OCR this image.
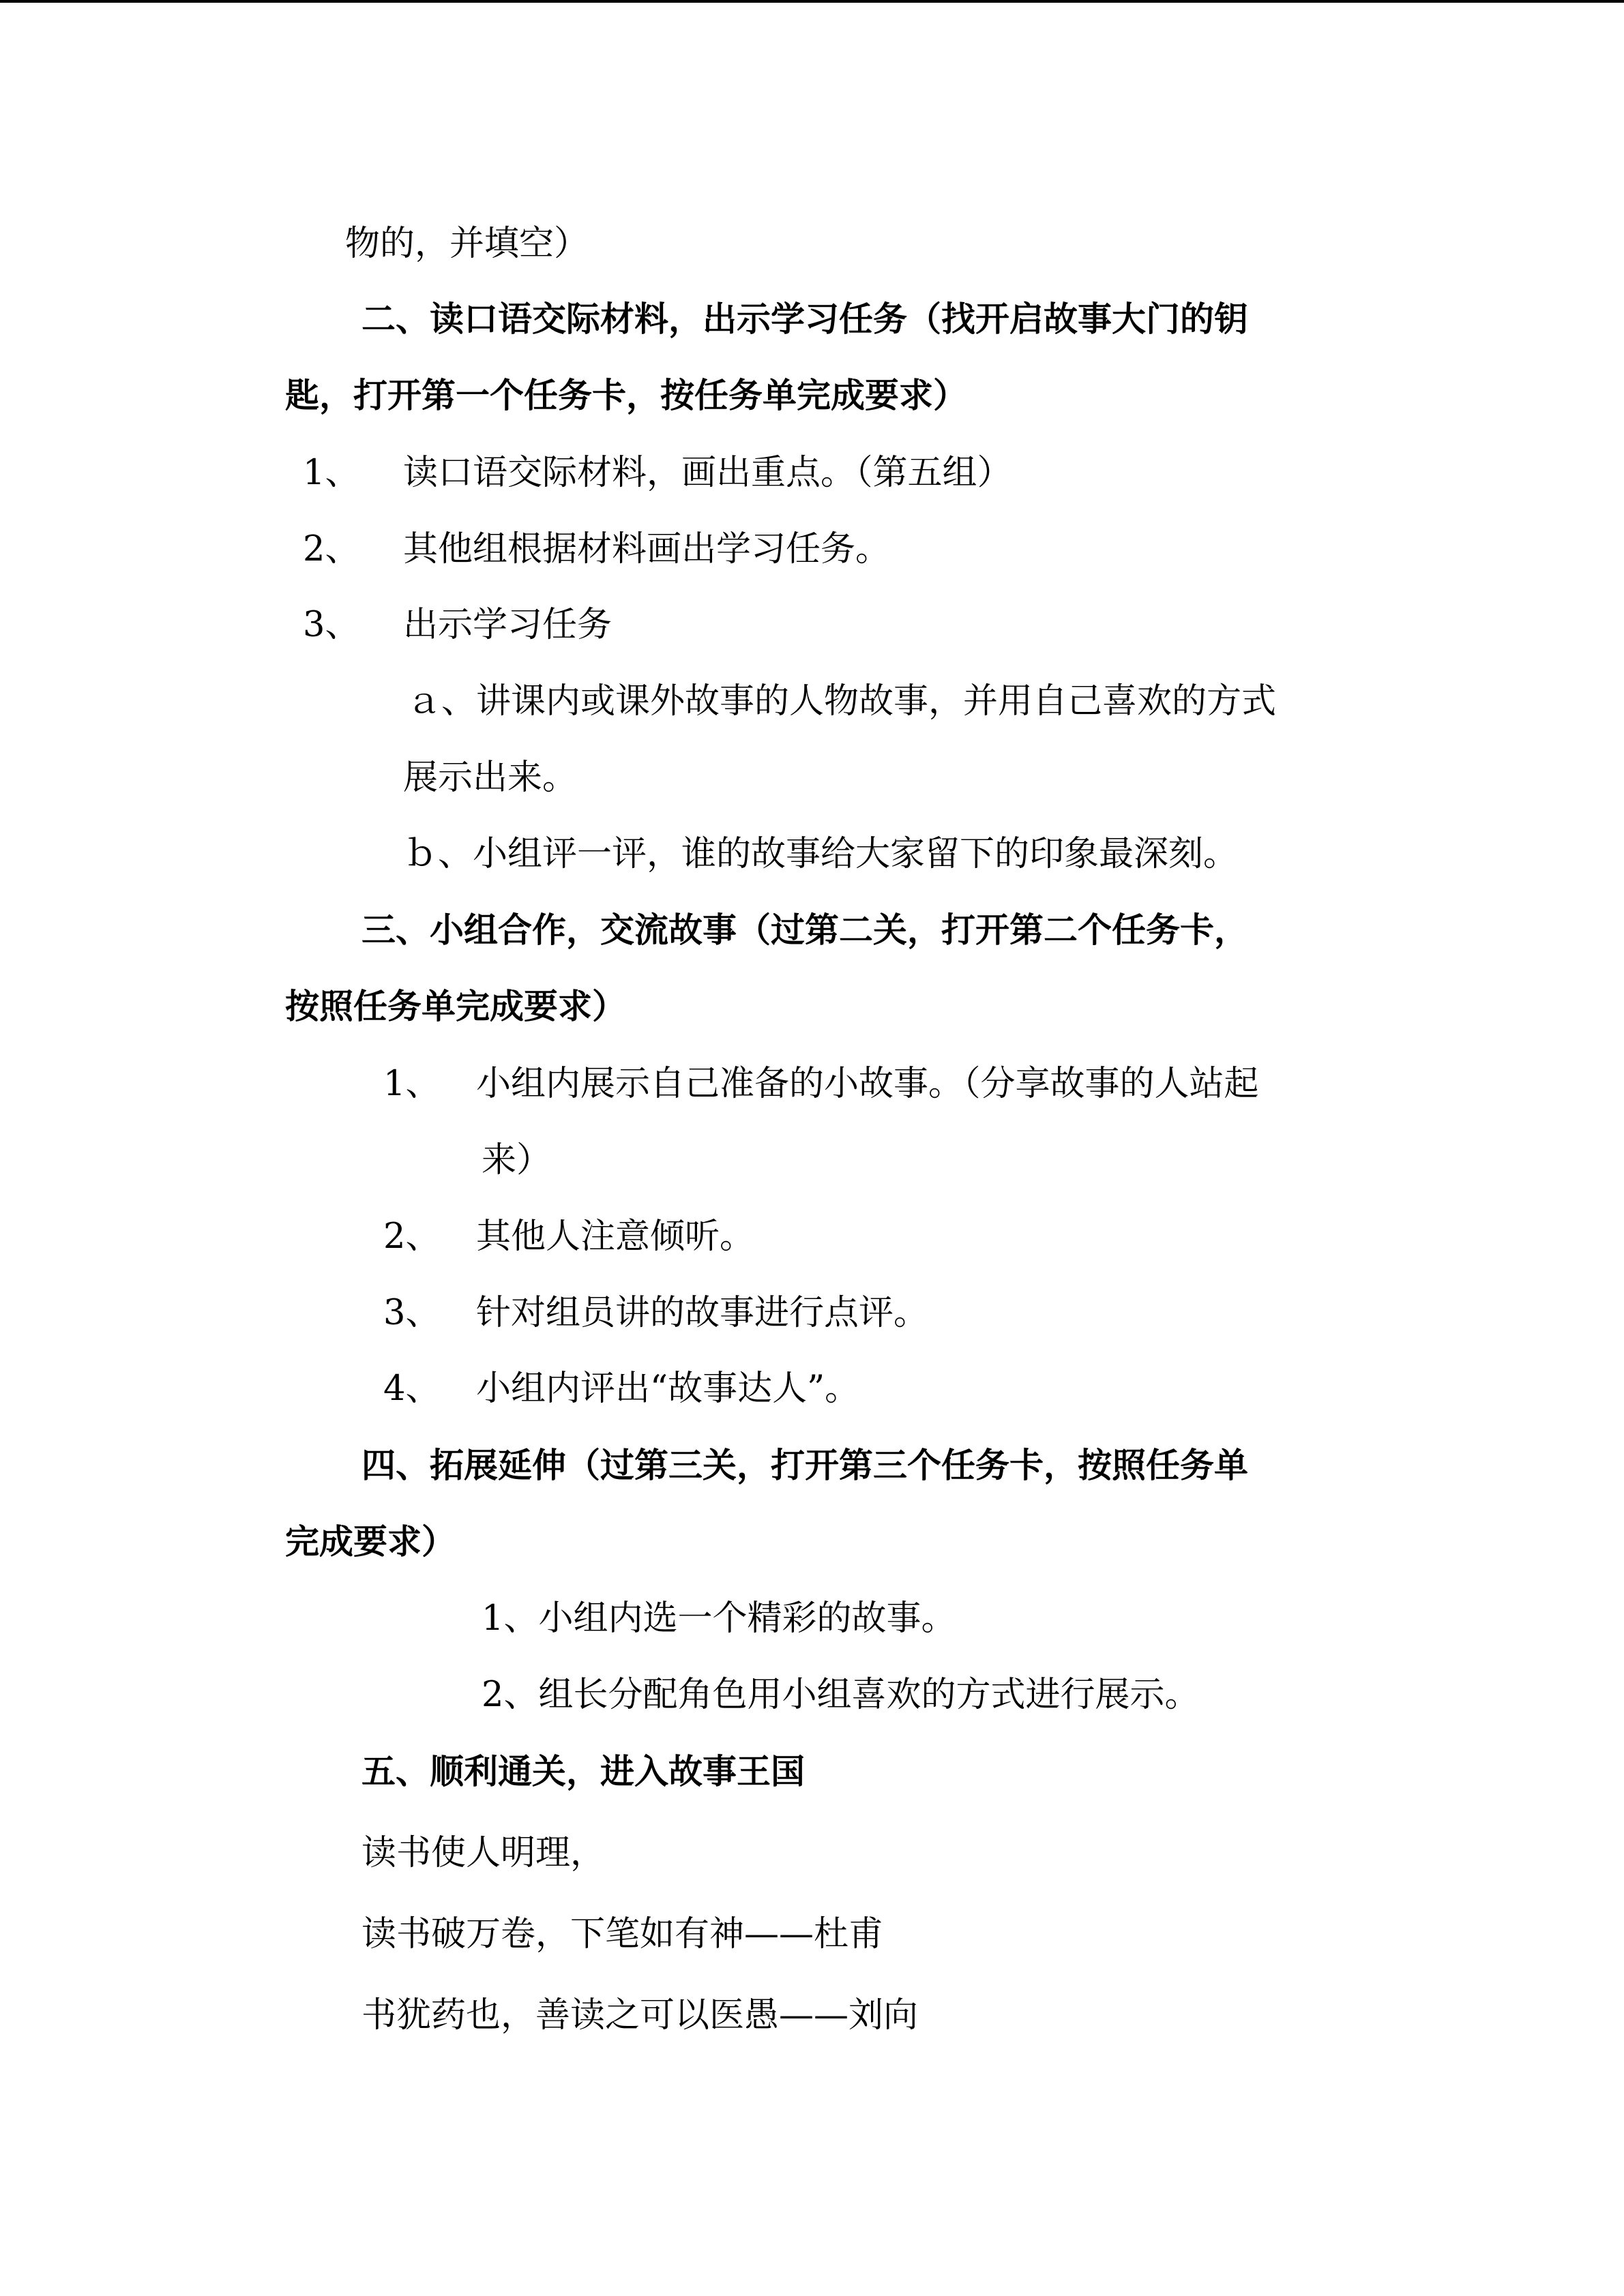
物的，并填空）

二、读口语交际材料，出示学习任务（找开启故事大门的钥

匙，打开第一个任务卡，按任务单完成要求）

1、 读口语交际材料，画出重点。（第五组）
2、 其他组根据材料画出学习任务。
3、 出示学习任务

ａ、讲课内或课外故事的人物故事，并用自己喜欢的方式

展示出来。

ｂ、小组评一评，谁的故事给大家留下的印象最深刻。

三、小组合作，交流故事（过第二关，打开第二个任务卡，

按照任务单完成要求）

1、 小组内展示自己准备的小故事。（分享故事的人站起
来）
2、 其他人注意倾听。
3、 针对组员讲的故事进行点评。
4、 小组内评出“故事达人”。

四、拓展延伸（过第三关，打开第三个任务卡，按照任务单

完成要求）

1、小组内选一个精彩的故事。

2、组长分配角色用小组喜欢的方式进行展示。

五、顺利通关，进入故事王国

读书使人明理，

读书破万卷，下笔如有神——杜甫

书犹药也，善读之可以医愚——刘向
